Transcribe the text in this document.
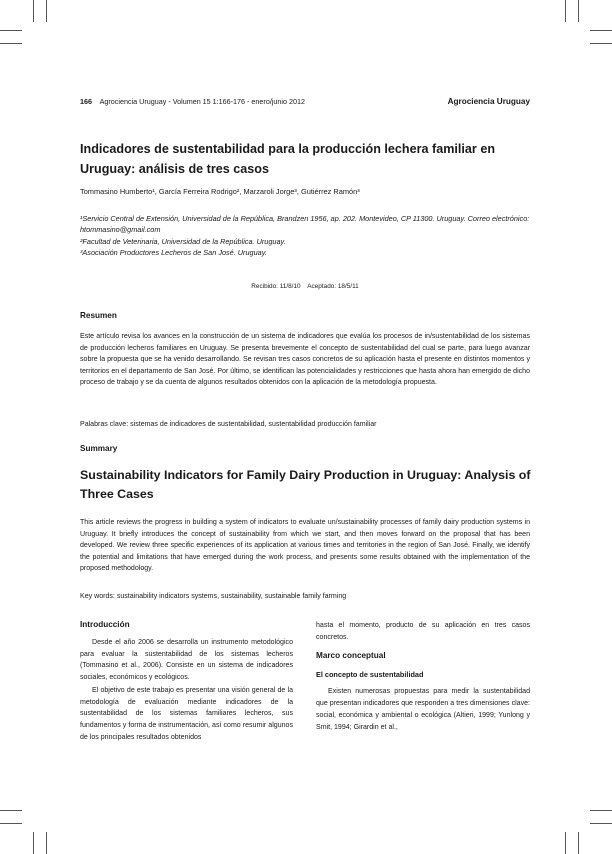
166 Agrociencia Uruguay - Volumen 15 1:166-176 - enero/junio 2012	Agrociencia Uruguay
Indicadores de sustentabilidad para la producción lechera familiar en Uruguay: análisis de tres casos
Tommasino Humberto¹, García Ferreira Rodrigo², Marzaroli Jorge³, Gutiérrez Ramón³

¹Servicio Central de Extensión, Universidad de la República, Brandzen 1956, ap. 202. Montevideo, CP 11300. Uruguay. Correo electrónico: htommasino@gmail.com

²Facultad de Veterinaria, Universidad de la República. Uruguay.

³Asociación Productores Lecheros de San José. Uruguay.

Recibido: 11/8/10    Aceptado: 18/5/11
Resumen
Este artículo revisa los avances en la construcción de un sistema de indicadores que evalúa los procesos de in/sustentabilidad de los sistemas de producción lecheros familiares en Uruguay. Se presenta brevemente el concepto de sustentabilidad del cual se parte, para luego avanzar sobre la propuesta que se ha venido desarrollando. Se revisan tres casos concretos de su aplicación hasta el presente en distintos momentos y territorios en el departamento de San José. Por último, se identifican las potencialidades y restricciones que hasta ahora han emergido de dicho proceso de trabajo y se da cuenta de algunos resultados obtenidos con la aplicación de la metodología propuesta.
Palabras clave: sistemas de indicadores de sustentabilidad, sustentabilidad producción familiar
Summary
Sustainability Indicators for Family Dairy Production in Uruguay: Analysis of Three Cases
This article reviews the progress in building a system of indicators to evaluate un/sustainability processes of family dairy production systems in Uruguay. It briefly introduces the concept of sustainability from which we start, and then moves forward on the proposal that has been developed. We review three specific experiences of its application at various times and territories in the region of San José. Finally, we identify the potential and limitations that have emerged during the work process, and presents some results obtained with the implementation of the proposed methodology.
Key words: sustainability indicators systems, sustainability, sustainable family farming
Introducción

Desde el año 2006 se desarrolla un instrumento metodológico para evaluar la sustentabilidad de los sistemas lecheros (Tommasino et al., 2006). Consiste en un sistema de indicadores sociales, económicos y ecológicos.

El objetivo de este trabajo es presentar una visión general de la metodología de evaluación mediante indicadores de la sustentabilidad de los sistemas familiares lecheros, sus fundamentos y forma de instrumentación, así como resumir algunos de los principales resultados obtenidos

hasta el momento, producto de su aplicación en tres casos concretos.

Marco conceptual
El concepto de sustentabilidad

Existen numerosas propuestas para medir la sustentabilidad que presentan indicadores que responden a tres dimensiones clave: social, económica y ambiental o ecológica (Altieri, 1999; Yunlong y Smit, 1994; Girardin et al.,
